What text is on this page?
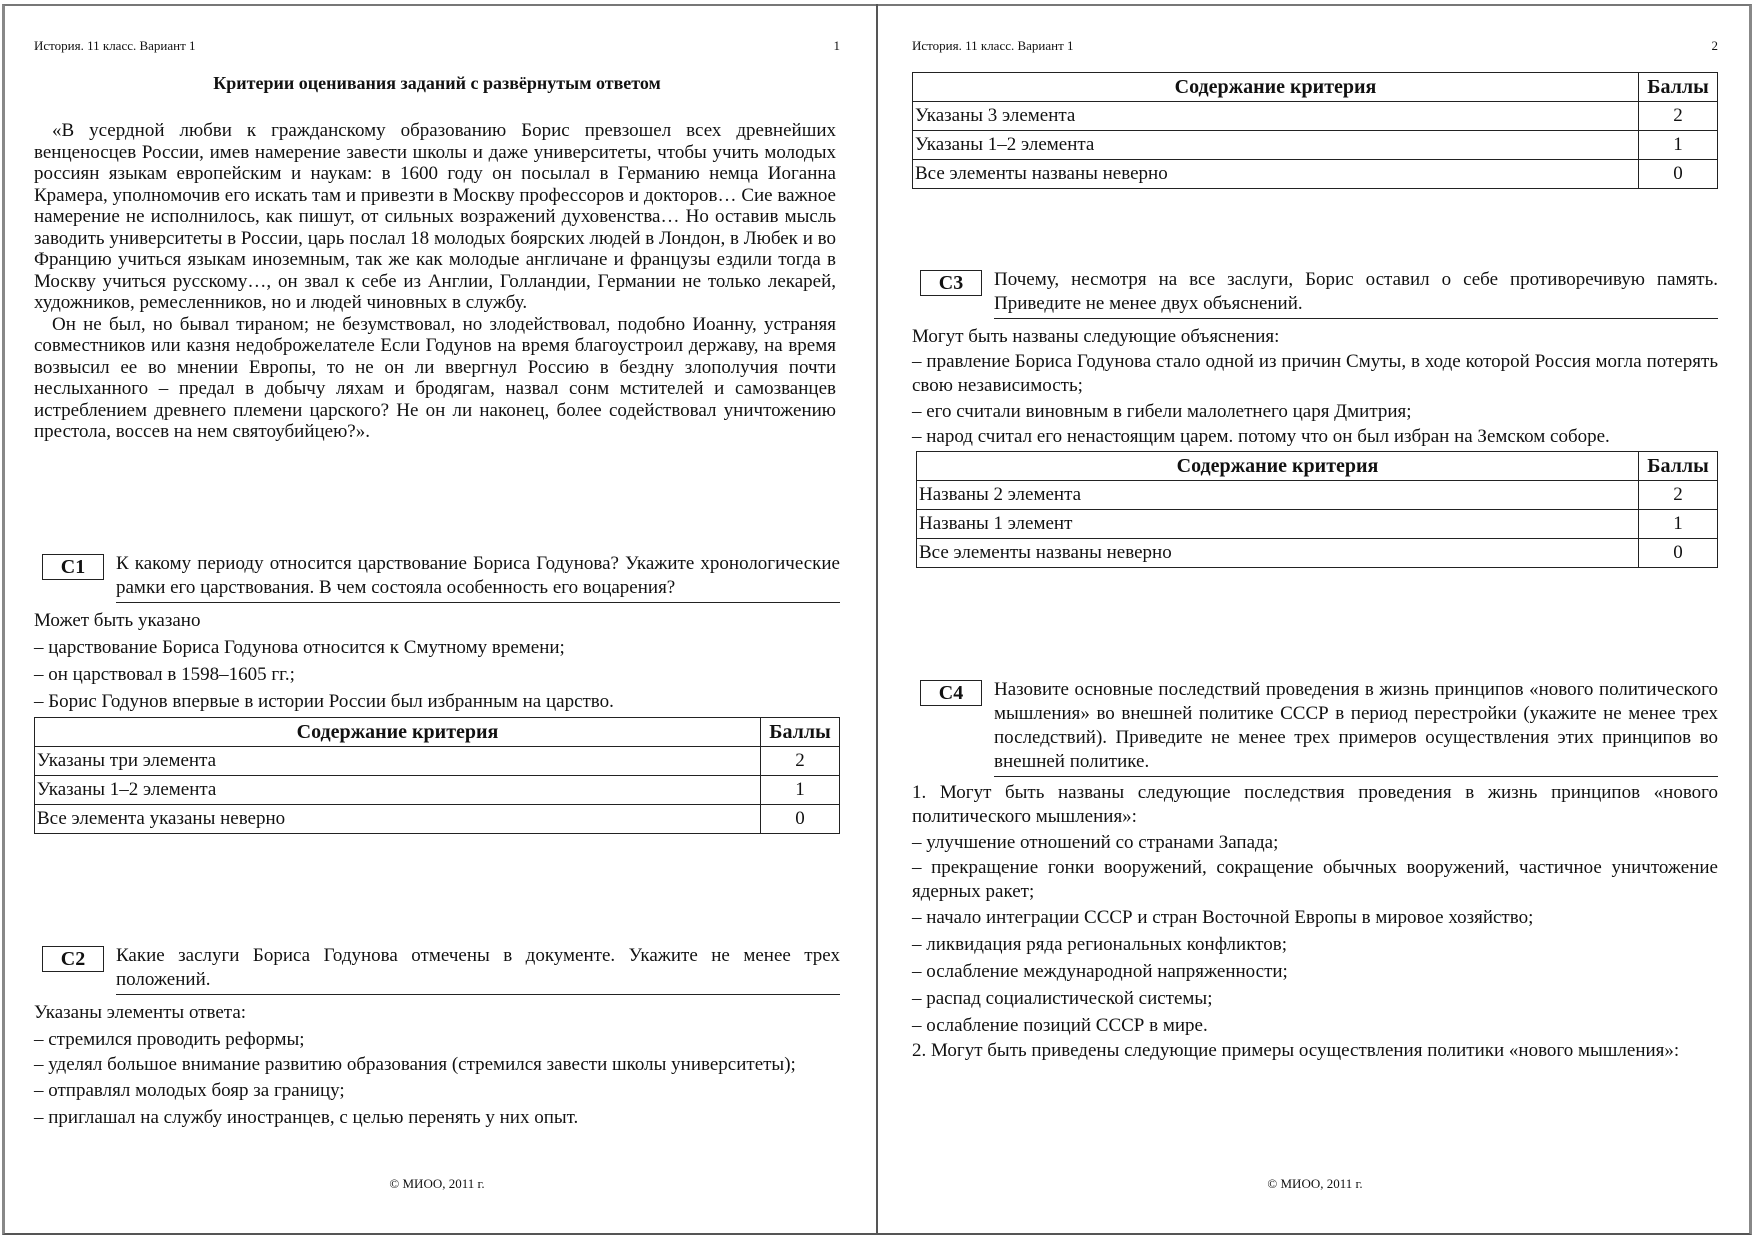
История. 11 класс. Вариант 1	1
Критерии оценивания заданий с развёрнутым ответом

«В усердной любви к гражданскому образованию Борис превзошел всех древнейших венценосцев России, имев намерение завести школы и даже университеты, чтобы учить молодых россиян языкам европейским и наукам: в 1600 году он посылал в Германию немца Иоганна Крамера, уполномочив его искать там и привезти в Москву профессоров и докторов… Сие важное намерение не исполнилось, как пишут, от сильных возражений духовенства… Но оставив мысль заводить университеты в России, царь послал 18 молодых боярских людей в Лондон, в Любек и во Францию учиться языкам иноземным, так же как молодые англичане и французы ездили тогда в Москву учиться русскому…, он звал к себе из Англии, Голландии, Германии не только лекарей, художников, ремесленников, но и людей чиновных в службу.

Он не был, но бывал тираном; не безумствовал, но злодействовал, подобно Иоанну, устраняя совместников или казня недоброжелателе Если Годунов на время благоустроил державу, на время возвысил ее во мнении Европы, то не он ли ввергнул Россию в бездну злополучия почти неслыханного – предал в добычу ляхам и бродягам, назвал сонм мстителей и самозванцев истреблением древнего племени царского? Не он ли наконец, более содействовал уничтожению престола, воссев на нем святоубийцею?».

С1	К какому периоду относится царствование Бориса Годунова? Укажите хронологические рамки его царствования. В чем состояла особенность его воцарения?
Может быть указано
– царствование Бориса Годунова относится к Смутному времени;
– он царствовал в 1598–1605 гг.;
– Борис Годунов впервые в истории России был избранным на царство.
Содержание критерия	Баллы
Указаны три элемента	2
Указаны 1–2 элемента	1
Все элемента указаны неверно	0
С2	Какие заслуги Бориса Годунова отмечены в документе. Укажите не менее трех положений.
Указаны элементы ответа:
– стремился проводить реформы;
– уделял большое внимание развитию образования (стремился завести школы университеты);
– отправлял молодых бояр за границу;
– приглашал на службу иностранцев, с целью перенять у них опыт.
© МИОО, 2011 г.
История. 11 класс. Вариант 1	2
Содержание критерия	Баллы
Указаны 3 элемента	2
Указаны 1–2 элемента	1
Все элементы названы неверно	0
С3	Почему, несмотря на все заслуги, Борис оставил о себе противоречивую память. Приведите не менее двух объяснений.
Могут быть названы следующие объяснения:
– правление Бориса Годунова стало одной из причин Смуты, в ходе которой Россия могла потерять свою независимость;
– его считали виновным в гибели малолетнего царя Дмитрия;
– народ считал его ненастоящим царем. потому что он был избран на Земском соборе.
Содержание критерия	Баллы
Названы 2 элемента	2
Названы 1 элемент	1
Все элементы названы неверно	0
С4	Назовите основные последствий проведения в жизнь принципов «нового политического мышления» во внешней политике СССР в период перестройки (укажите не менее трех последствий). Приведите не менее трех примеров осуществления этих принципов во внешней политике.
1. Могут быть названы следующие последствия проведения в жизнь принципов «нового политического мышления»:
– улучшение отношений со странами Запада;
– прекращение гонки вооружений, сокращение обычных вооружений, частичное уничтожение ядерных ракет;
– начало интеграции СССР и стран Восточной Европы в мировое хозяйство;
– ликвидация ряда региональных конфликтов;
– ослабление международной напряженности;
– распад социалистической системы;
– ослабление позиций СССР в мире.
2. Могут быть приведены следующие примеры осуществления политики «нового мышления»:
© МИОО, 2011 г.
